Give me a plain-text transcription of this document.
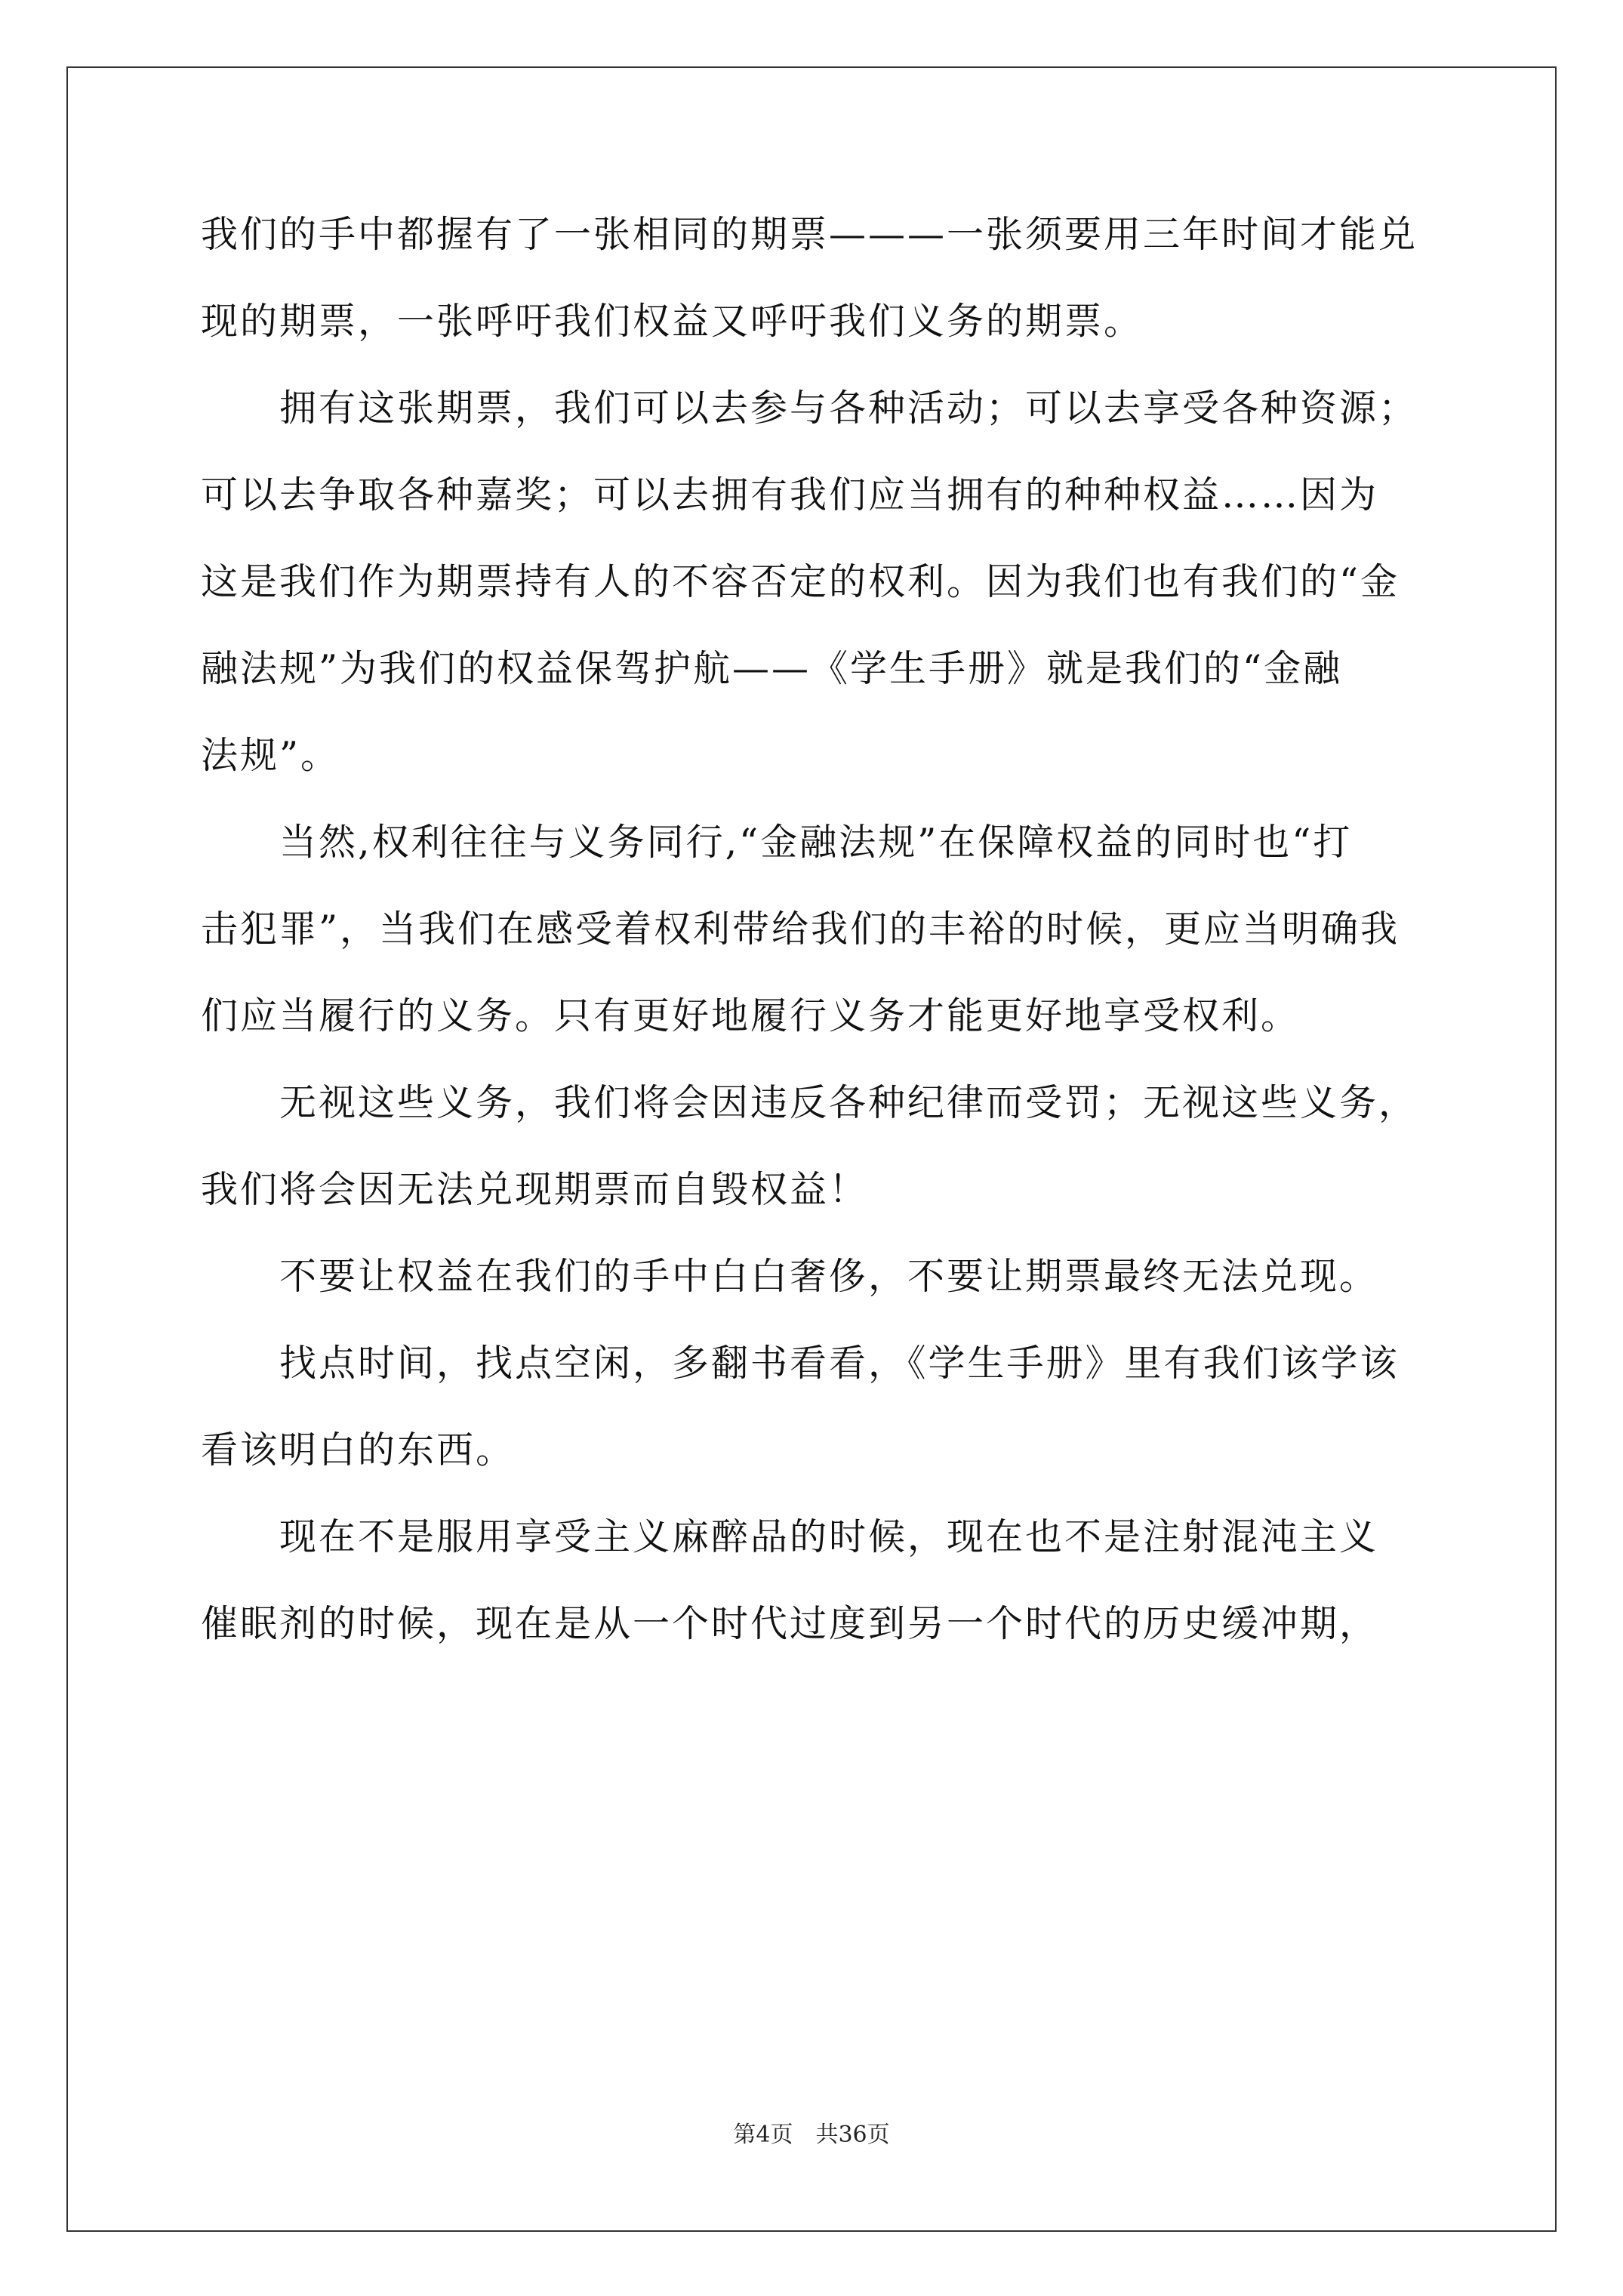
我们的手中都握有了一张相同的期票———一张须要用三年时间才能兑
现的期票，一张呼吁我们权益又呼吁我们义务的期票。
　　拥有这张期票，我们可以去参与各种活动；可以去享受各种资源；
可以去争取各种嘉奖；可以去拥有我们应当拥有的种种权益……因为
这是我们作为期票持有人的不容否定的权利。因为我们也有我们的“金
融法规”为我们的权益保驾护航——《学生手册》就是我们的“金融
法规”。
　　当然,权利往往与义务同行,“金融法规”在保障权益的同时也“打
击犯罪”，当我们在感受着权利带给我们的丰裕的时候，更应当明确我
们应当履行的义务。只有更好地履行义务才能更好地享受权利。
　　无视这些义务，我们将会因违反各种纪律而受罚；无视这些义务，
我们将会因无法兑现期票而自毁权益！
　　不要让权益在我们的手中白白奢侈，不要让期票最终无法兑现。
　　找点时间，找点空闲，多翻书看看，《学生手册》里有我们该学该
看该明白的东西。
　　现在不是服用享受主义麻醉品的时候，现在也不是注射混沌主义
催眠剂的时候，现在是从一个时代过度到另一个时代的历史缓冲期，
第4页　共36页
